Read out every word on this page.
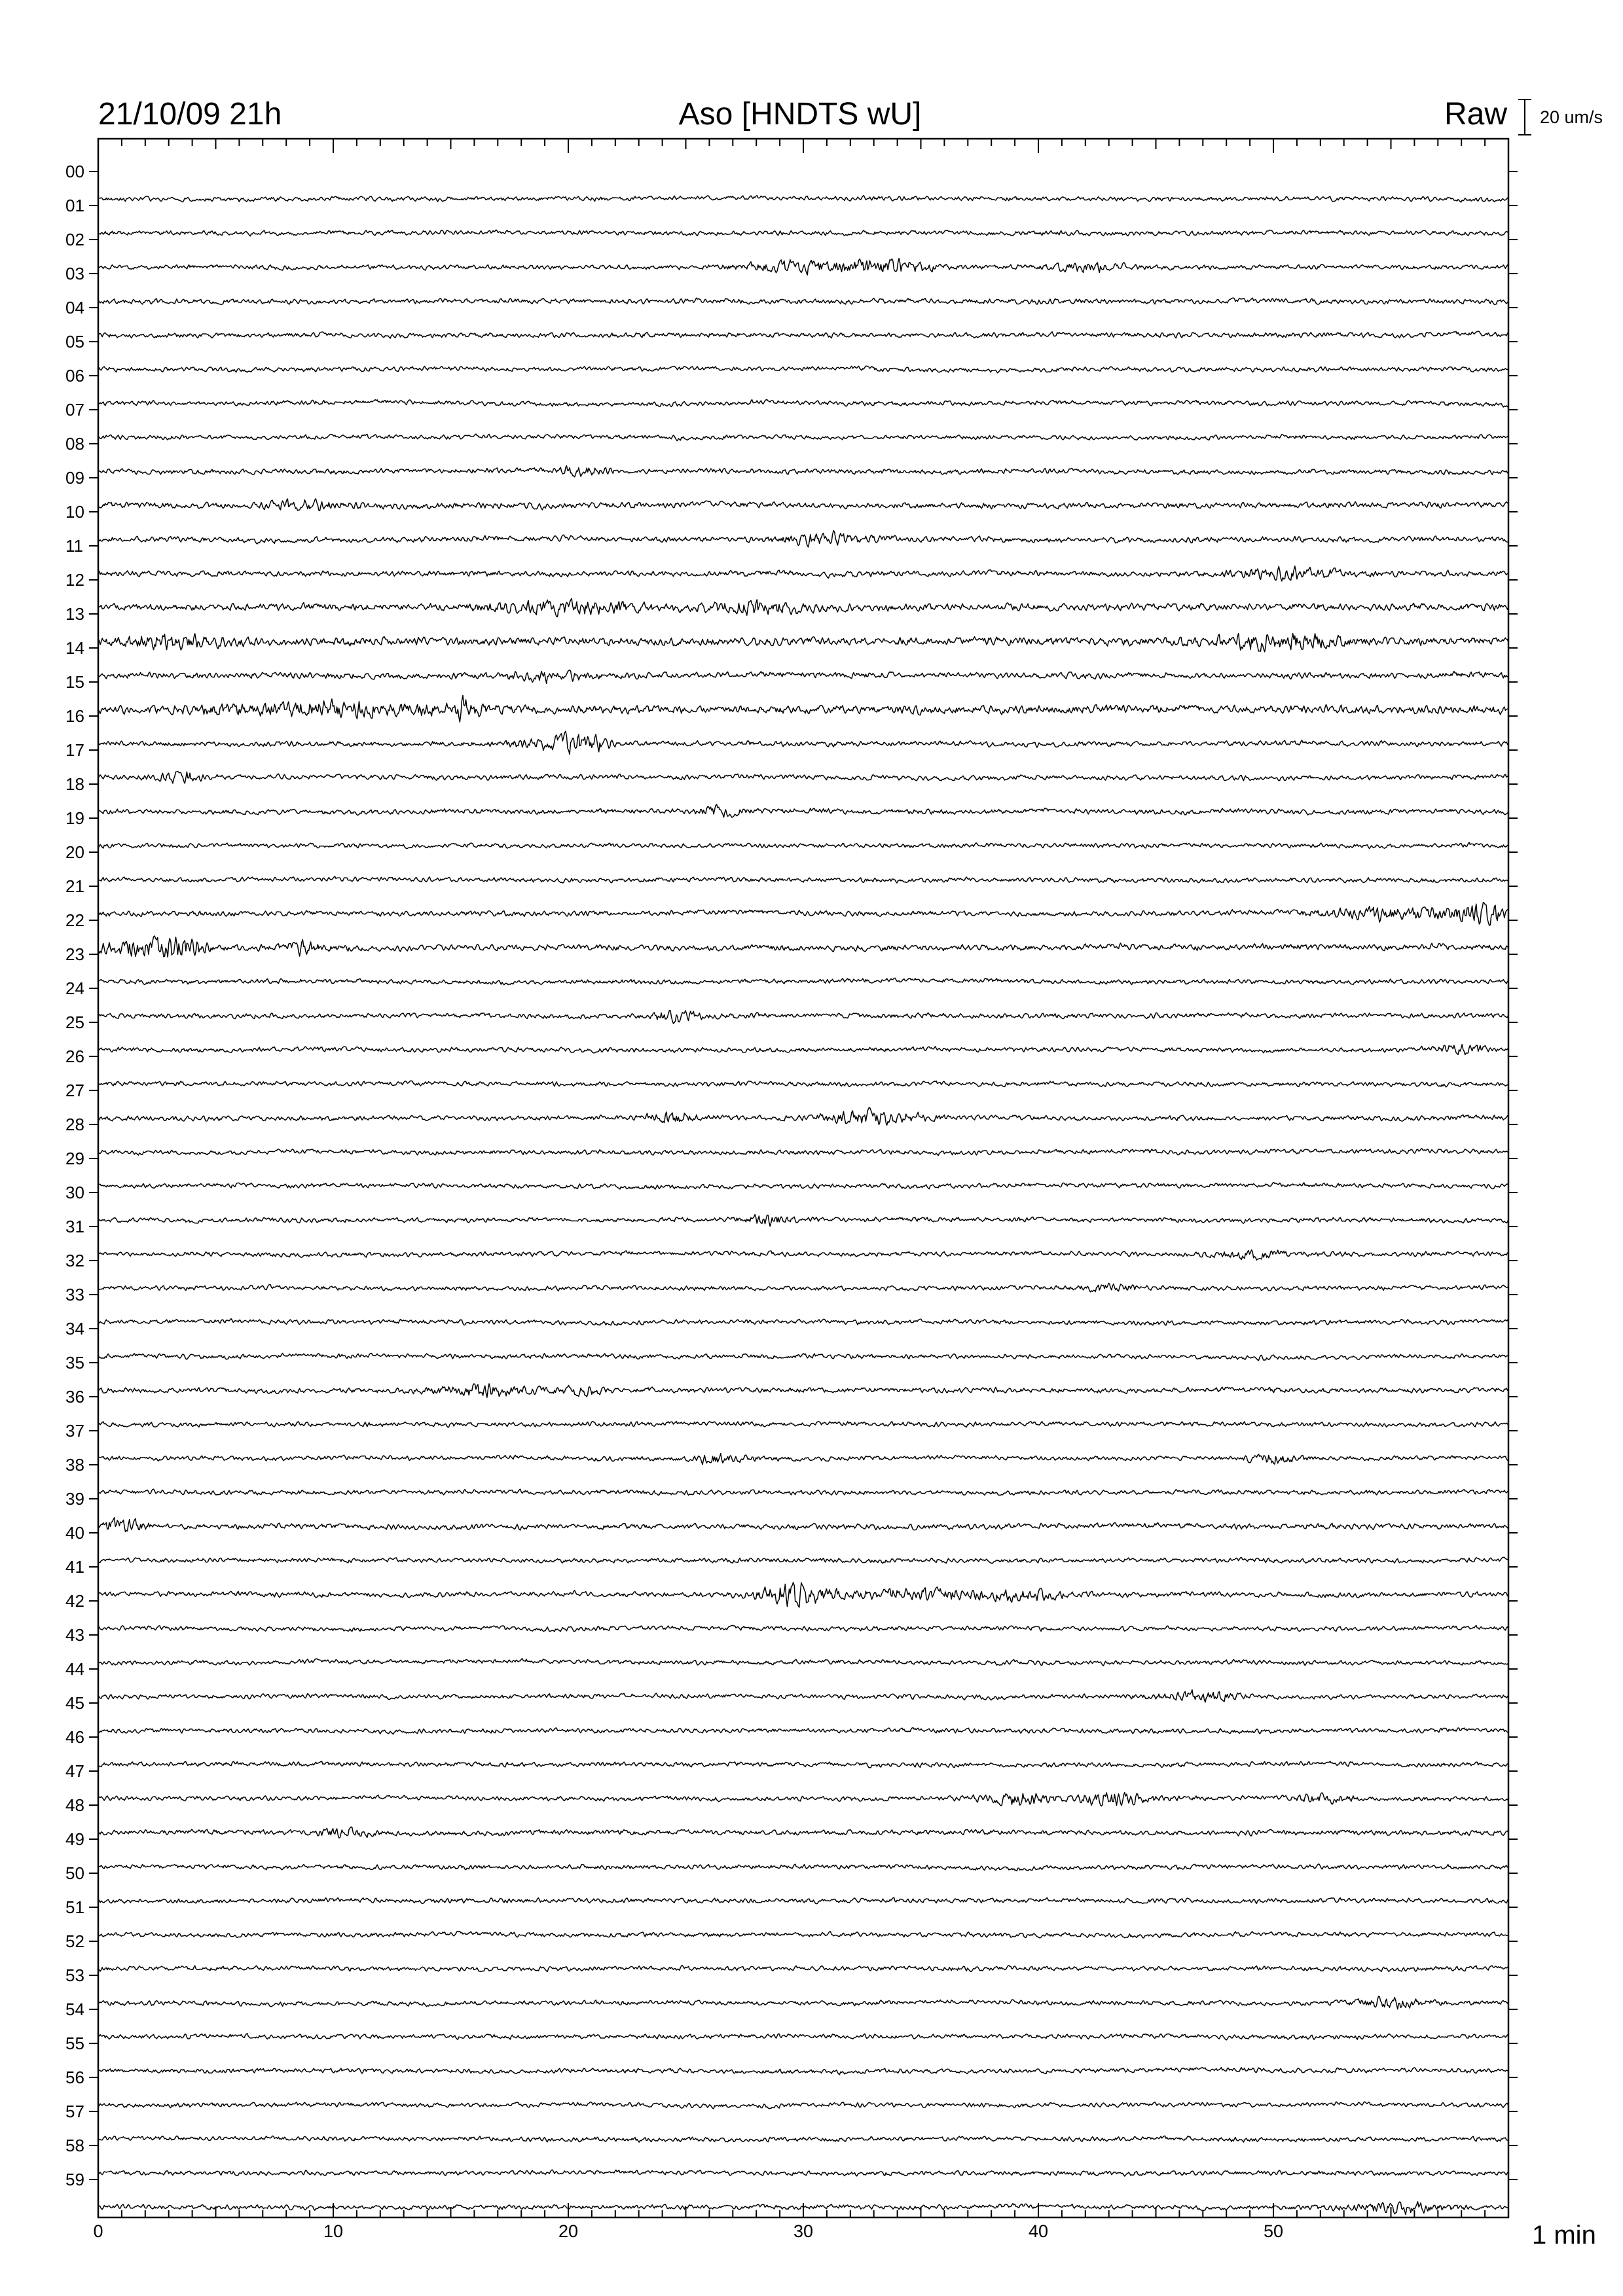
21/10/09 21h	Aso [HNDTS wU]	Raw 20 um/s
00
01
02
03
04
05
06
07
08
09
10
11
12
13
14
15
16
17
18
19
20
21
22
23
24
25
26
27
28
29
30
31
32
33
34
35
36
37
38
39
40
41
42
43
44
45
46
47
48
49
50
51
52
53
54
55
56
57
58
59
0	10	20	30	40	50	1 min
